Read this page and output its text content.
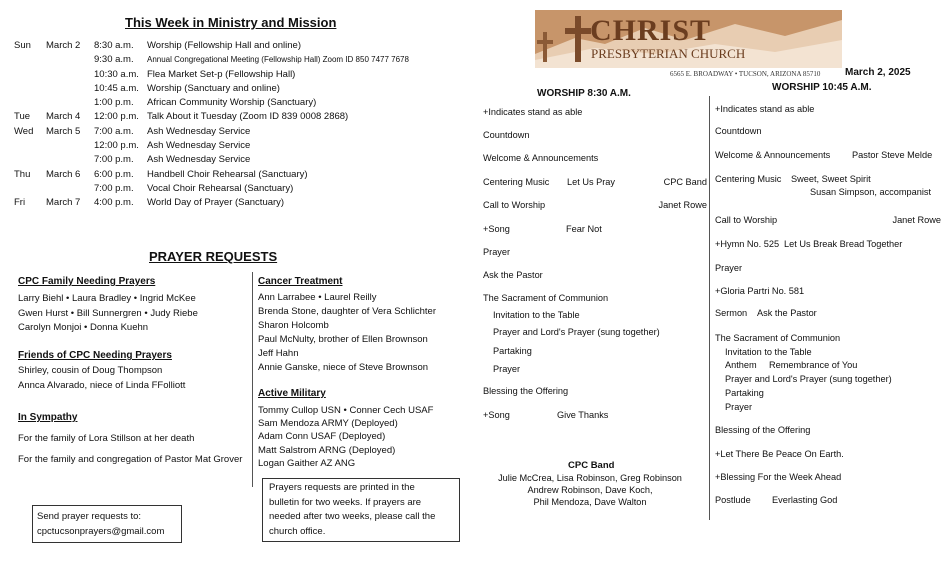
This Week in Ministry and Mission
Sun March 2 8:30 a.m. Worship (Fellowship Hall and online)
9:30 a.m. Annual Congregational Meeting (Fellowship Hall) Zoom ID 850 7477 7678
10:30 a.m. Flea Market Set-p (Fellowship Hall)
10:45 a.m. Worship (Sanctuary and online)
1:00 p.m. African Community Worship (Sanctuary)
Tue March 4 12:00 p.m. Talk About it Tuesday (Zoom ID 839 0008 2868)
Wed March 5 7:00 a.m. Ash Wednesday Service
12:00 p.m. Ash Wednesday Service
7:00 p.m. Ash Wednesday Service
Thu March 6 6:00 p.m. Handbell Choir Rehearsal (Sanctuary)
7:00 p.m. Vocal Choir Rehearsal (Sanctuary)
Fri March 7 4:00 p.m. World Day of Prayer (Sanctuary)
PRAYER REQUESTS
CPC Family Needing Prayers
Larry Biehl • Laura Bradley • Ingrid McKee
Gwen Hurst • Bill Sunnergren • Judy Riebe
Carolyn Monjoi • Donna Kuehn
Friends of CPC Needing Prayers
Shirley, cousin of Doug Thompson
Annca Alvarado, niece of Linda FFolliott
In Sympathy
For the family of Lora Stillson at her death
For the family and congregation of Pastor Mat Grover
Cancer Treatment
Ann Larrabee • Laurel Reilly
Brenda Stone, daughter of Vera Schlichter
Sharon Holcomb
Paul McNulty, brother of Ellen Brownson
Jeff Hahn
Annie Ganske, niece of Steve Brownson
Active Military
Tommy Cullop USN • Conner Cech USAF
Sam Mendoza ARMY (Deployed)
Adam Conn USAF (Deployed)
Matt Salstrom ARNG (Deployed)
Logan Gaither AZ ANG
Prayers requests are printed in the
bulletin for two weeks. If prayers are
needed after two weeks, please call the
church office.
Send prayer requests to:
cpctucsonprayers@gmail.com
CHRIST
PRESBYTERIAN CHURCH
6565 E. BROADWAY • TUCSON, ARIZONA 85710 March 2, 2025
WORSHIP 8:30 A.M.
+Indicates stand as able
Countdown
Welcome & Announcements
Centering Music Let Us Pray	CPC Band
Call to Worship	Janet Rowe
+Song	Fear Not
Prayer
Ask the Pastor
The Sacrament of Communion
Invitation to the Table
Prayer and Lord's Prayer (sung together)
Partaking
Prayer
Blessing the Offering
+Song	Give Thanks
CPC Band
Julie McCrea, Lisa Robinson, Greg Robinson
Andrew Robinson, Dave Koch,
Phil Mendoza, Dave Walton
WORSHIP 10:45 A.M.
+Indicates stand as able
Countdown
Welcome & Announcements Pastor Steve Melde
Centering Music Sweet, Sweet Spirit
Susan Simpson, accompanist
Call to Worship	Janet Rowe
+Hymn No. 525 Let Us Break Bread Together
Prayer
+Gloria Partri No. 581
Sermon Ask the Pastor
The Sacrament of Communion
Invitation to the Table
Anthem Remembrance of You
Prayer and Lord's Prayer (sung together)
Partaking
Prayer
Blessing of the Offering
+Let There Be Peace On Earth.
+Blessing For the Week Ahead
Postlude Everlasting God
